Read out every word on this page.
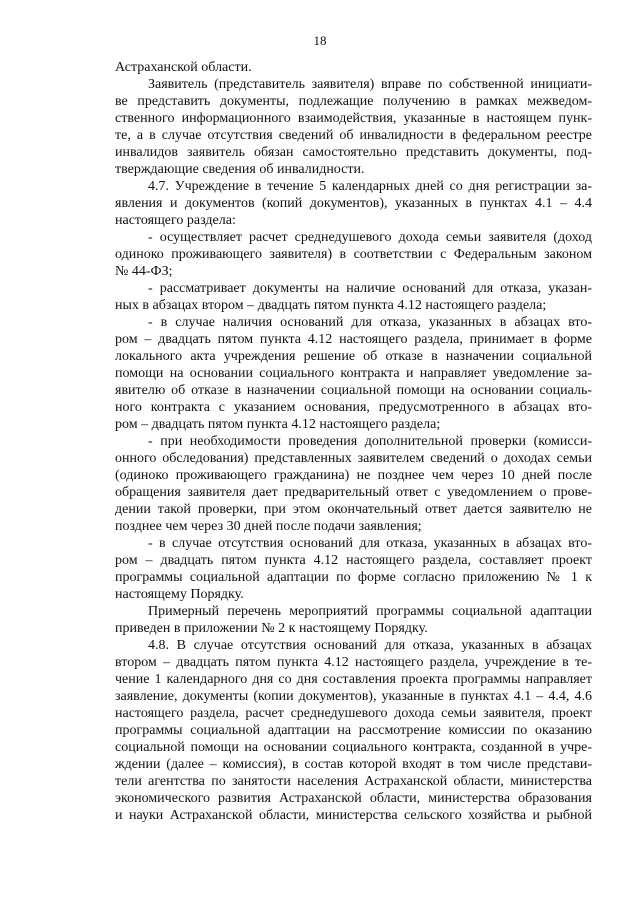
18

Астраханской области.

Заявитель (представитель заявителя) вправе по собственной инициати-

ве представить документы, подлежащие получению в рамках межведом-

ственного информационного взаимодействия, указанные в настоящем пунк-

те, а в случае отсутствия сведений об инвалидности в федеральном реестре

инвалидов заявитель обязан самостоятельно представить документы, под-

тверждающие сведения об инвалидности.

4.7. Учреждение в течение 5 календарных дней со дня регистрации за-

явления и документов (копий документов), указанных в пунктах 4.1 – 4.4

настоящего раздела:

- осуществляет расчет среднедушевого дохода семьи заявителя (доход

одиноко проживающего заявителя) в соответствии с Федеральным законом

№ 44-ФЗ;

- рассматривает документы на наличие оснований для отказа, указан-

ных в абзацах втором – двадцать пятом пункта 4.12 настоящего раздела;

- в случае наличия оснований для отказа, указанных в абзацах вто-

ром – двадцать пятом пункта 4.12 настоящего раздела, принимает в форме

локального акта учреждения решение об отказе в назначении социальной

помощи на основании социального контракта и направляет уведомление за-

явителю об отказе в назначении социальной помощи на основании социаль-

ного контракта с указанием основания, предусмотренного в абзацах вто-

ром – двадцать пятом пункта 4.12 настоящего раздела;

- при необходимости проведения дополнительной проверки (комисси-

онного обследования) представленных заявителем сведений о доходах семьи

(одиноко проживающего гражданина) не позднее чем через 10 дней после

обращения заявителя дает предварительный ответ с уведомлением о прове-

дении такой проверки, при этом окончательный ответ дается заявителю не

позднее чем через 30 дней после подачи заявления;

- в случае отсутствия оснований для отказа, указанных в абзацах вто-

ром – двадцать пятом пункта 4.12 настоящего раздела, составляет проект

программы социальной адаптации по форме согласно приложению № 1 к

настоящему Порядку.

Примерный перечень мероприятий программы социальной адаптации

приведен в приложении № 2 к настоящему Порядку.

4.8. В случае отсутствия оснований для отказа, указанных в абзацах

втором – двадцать пятом пункта 4.12 настоящего раздела, учреждение в те-

чение 1 календарного дня со дня составления проекта программы направляет

заявление, документы (копии документов), указанные в пунктах 4.1 – 4.4, 4.6

настоящего раздела, расчет среднедушевого дохода семьи заявителя, проект

программы социальной адаптации на рассмотрение комиссии по оказанию

социальной помощи на основании социального контракта, созданной в учре-

ждении (далее – комиссия), в состав которой входят в том числе представи-

тели агентства по занятости населения Астраханской области, министерства

экономического развития Астраханской области, министерства образования

и науки Астраханской области, министерства сельского хозяйства и рыбной
